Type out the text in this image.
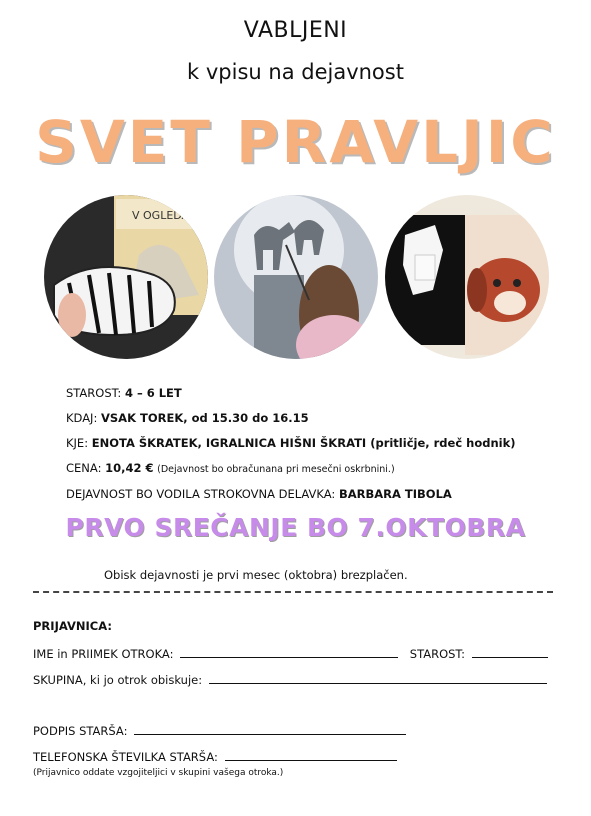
VABLJENI
k vpisu na dejavnost
SVET PRAVLJIC
V OGLEDALU
STAROST: 4 – 6 LET
KDAJ: VSAK TOREK, od 15.30 do 16.15
KJE: ENOTA ŠKRATEK, IGRALNICA HIŠNI ŠKRATI (pritličje, rdeč hodnik)
CENA: 10,42 € (Dejavnost bo obračunana pri mesečni oskrbnini.)
DEJAVNOST BO VODILA STROKOVNA DELAVKA: BARBARA TIBOLA
PRVO SREČANJE BO 7.OKTOBRA
Obisk dejavnosti je prvi mesec (oktobra) brezplačen.
PRIJAVNICA:
IME in PRIIMEK OTROKA:	STAROST:
SKUPINA, ki jo otrok obiskuje:
PODPIS STARŠA:
TELEFONSKA ŠTEVILKA STARŠA:
(Prijavnico oddate vzgojiteljici v skupini vašega otroka.)
